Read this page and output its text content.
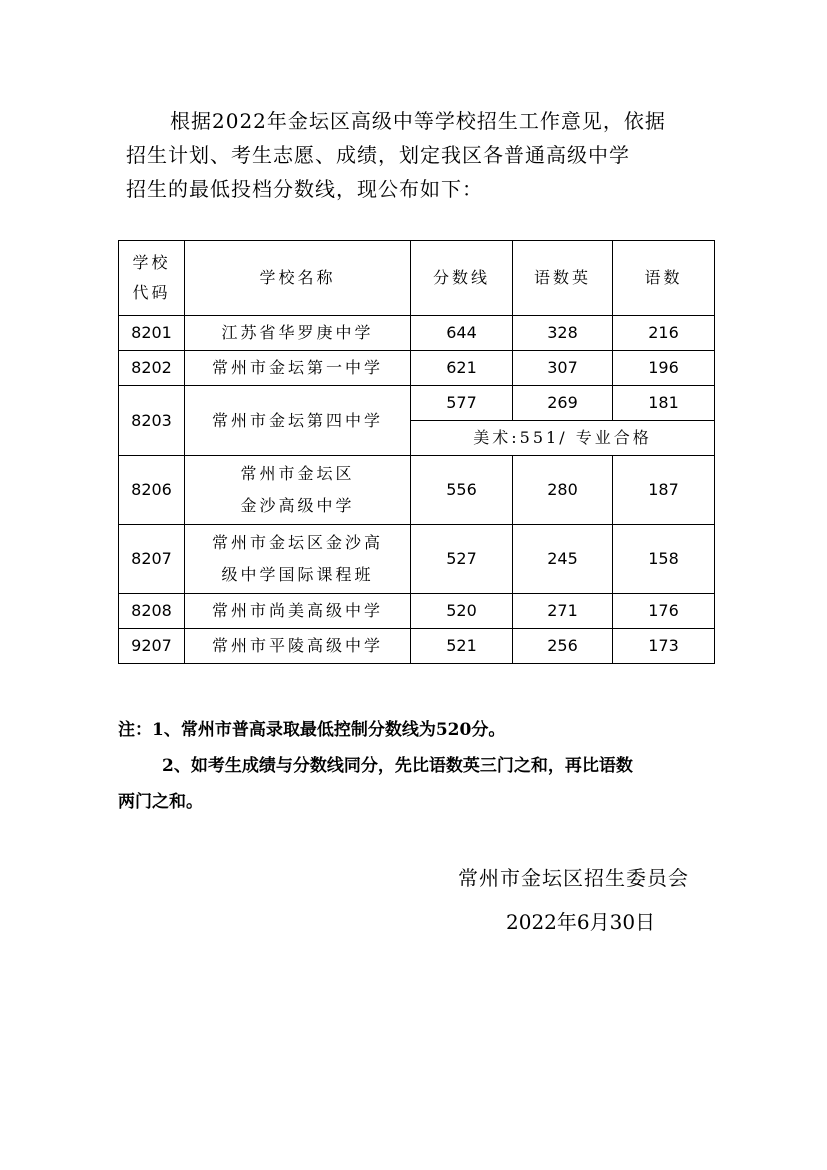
根据2022年金坛区高级中等学校招生工作意见，依据

招生计划、考生志愿、成绩，划定我区各普通高级中学

招生的最低投档分数线，现公布如下：

学校
代码	学校名称	分数线	语数英	语数
8201	江苏省华罗庚中学	644	328	216
8202	常州市金坛第一中学	621	307	196
8203	常州市金坛第四中学	577	269	181
		美术:551/ 专业合格		
8206	常州市金坛区
金沙高级中学	556	280	187
8207	常州市金坛区金沙高
级中学国际课程班	527	245	158
8208	常州市尚美高级中学	520	271	176
9207	常州市平陵高级中学	521	256	173

注：1、常州市普高录取最低控制分数线为520分。

2、如考生成绩与分数线同分，先比语数英三门之和，再比语数

两门之和。

常州市金坛区招生委员会
2022年6月30日
